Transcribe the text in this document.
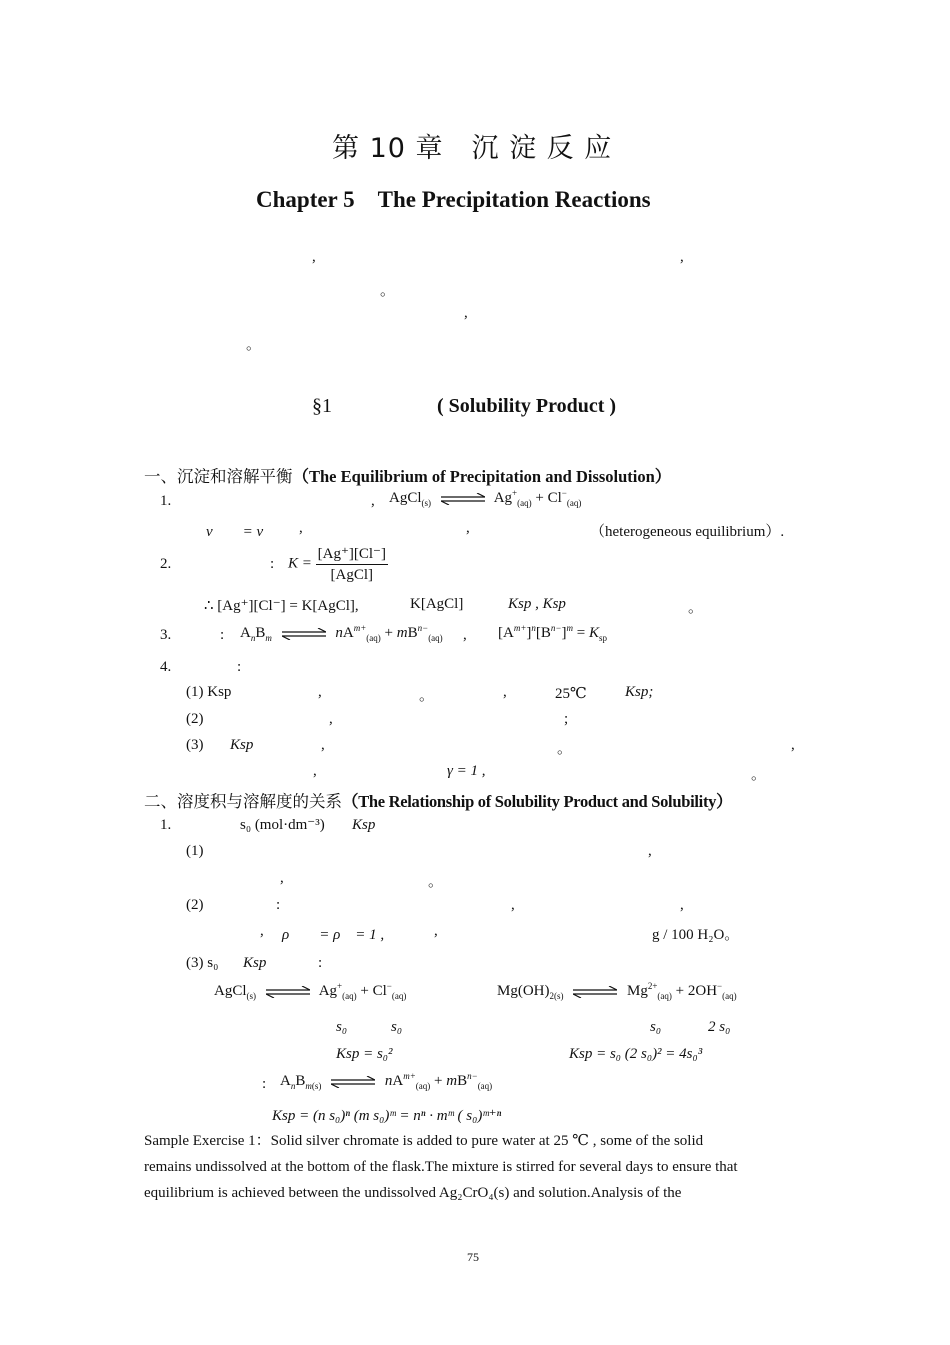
第 10 章　沉 淀 反 应
Chapter 5　The Precipitation Reactions
,	,
。
,
。
§1	( Solubility Product )
一、沉淀和溶解平衡（The Equilibrium of Precipitation and Dissolution）
1.	, AgCl$_{(s)}$ ⇌ $Ag^+_{(aq)} + Cl^-_{(aq)}$
v　　= v ,	,	（heterogeneous equilibrium）.
2.	: $K = \frac{[Ag^+][Cl^-]}{\text{[AgCl]}}$
∴ [Ag⁺][Cl⁻] = K[AgCl],	K[AgCl]	Ksp , Ksp	。
3.	: $A_nB_m$ ⇌ $nA^{m+}_{(aq)} + mB^{n-}_{(aq)}$ , $[A^{m+}]^n[B^{n-}]^m = K_{sp}$
4.	:
(1) Ksp	,	。	,	25℃	Ksp;
(2)	,	;
(3) Ksp	,	。	,
,	γ = 1 ,	。
二、溶度积与溶解度的关系（The Relationship of Solubility Product and Solubility）
1.	s₀ (mol·dm⁻³) Ksp
(1)	,
,	。
(2)	:	,	,
, ρ　　= ρ　= 1 ,	,	g / 100 H₂O。
(3) s₀ Ksp	:
AgCl$_{(s)}$ ⇌ $Ag^+_{(aq)} + Cl^-_{(aq)}$	$Mg(OH)_{2(s)}$ ⇌ $Mg^{2+}_{(aq)} + 2OH^-_{(aq)}$
s₀	s₀	s₀	2 s₀
Ksp = s₀²	Ksp = s₀ (2 s₀)² = 4s₀³
: $A_nB_{m(s)}$ ⇌ $nA^{m+}_{(aq)} + mB^{n-}_{(aq)}$
Ksp = (n s₀)ⁿ (m s₀)ᵐ = nⁿ · mᵐ ( s₀)ᵐ⁺ⁿ
Sample Exercise 1：Solid silver chromate is added to pure water at 25 ℃ , some of the solid
remains undissolved at the bottom of the flask.The mixture is stirred for several days to ensure that
equilibrium is achieved between the undissolved Ag₂CrO₄(s) and solution.Analysis of the
75
